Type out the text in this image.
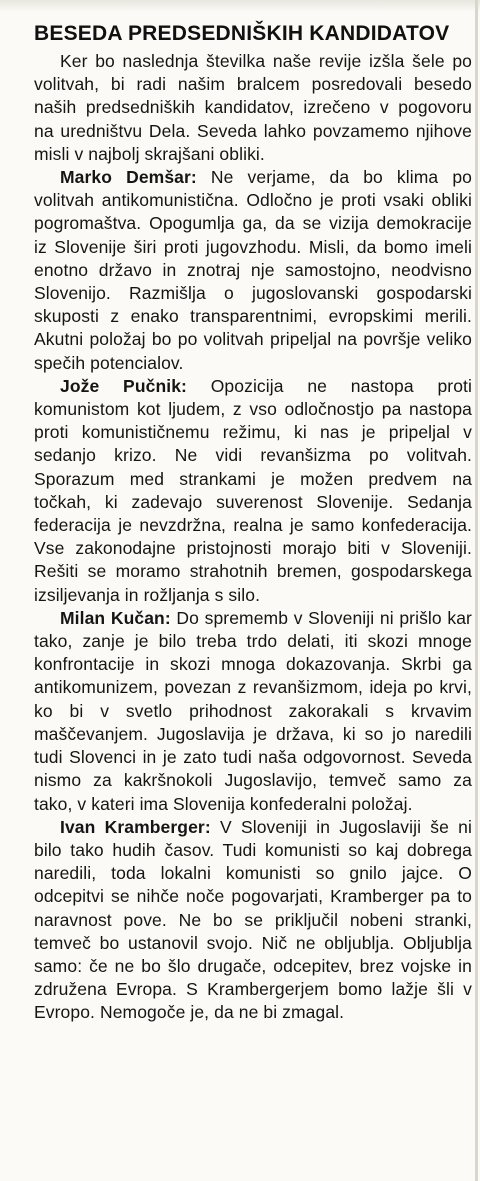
BESEDA PREDSEDNIŠKIH KANDIDATOV

Ker bo naslednja številka naše revije izšla šele po volitvah, bi radi našim bralcem posredovali besedo naših predsedniških kandidatov, izrečeno v pogovoru na uredništvu Dela. Seveda lahko povzamemo njihove misli v najbolj skrajšani obliki.

Marko Demšar: Ne verjame, da bo klima po volitvah antikomunistična. Odločno je proti vsaki obliki pogromaštva. Opogumlja ga, da se vizija demokracije iz Slovenije širi proti jugovzhodu. Misli, da bomo imeli enotno državo in znotraj nje samostojno, neodvisno Slovenijo. Razmišlja o jugoslovanski gospodarski skuposti z enako transparentnimi, evropskimi merili. Akutni položaj bo po volitvah pripeljal na površje veliko spečih potencialov.

Jože Pučnik: Opozicija ne nastopa proti komunistom kot ljudem, z vso odločnostjo pa nastopa proti komunističnemu režimu, ki nas je pripeljal v sedanjo krizo. Ne vidi revanšizma po volitvah. Sporazum med strankami je možen predvem na točkah, ki zadevajo suverenost Slovenije. Sedanja federacija je nevzdržna, realna je samo konfederacija. Vse zakonodajne pristojnosti morajo biti v Sloveniji. Rešiti se moramo strahotnih bremen, gospodarskega izsiljevanja in rožljanja s silo.

Milan Kučan: Do sprememb v Sloveniji ni prišlo kar tako, zanje je bilo treba trdo delati, iti skozi mnoge konfrontacije in skozi mnoga dokazovanja. Skrbi ga antikomunizem, povezan z revanšizmom, ideja po krvi, ko bi v svetlo prihodnost zakorakali s krvavim maščevanjem. Jugoslavija je država, ki so jo naredili tudi Slovenci in je zato tudi naša odgovornost. Seveda nismo za kakršnokoli Jugoslavijo, temveč samo za tako, v kateri ima Slovenija konfederalni položaj.

Ivan Kramberger: V Sloveniji in Jugoslaviji še ni bilo tako hudih časov. Tudi komunisti so kaj dobrega naredili, toda lokalni komunisti so gnilo jajce. O odcepitvi se nihče noče pogovarjati, Kramberger pa to naravnost pove. Ne bo se priključil nobeni stranki, temveč bo ustanovil svojo. Nič ne obljublja. Obljublja samo: če ne bo šlo drugače, odcepitev, brez vojske in združena Evropa. S Krambergerjem bomo lažje šli v Evropo. Nemogoče je, da ne bi zmagal.
